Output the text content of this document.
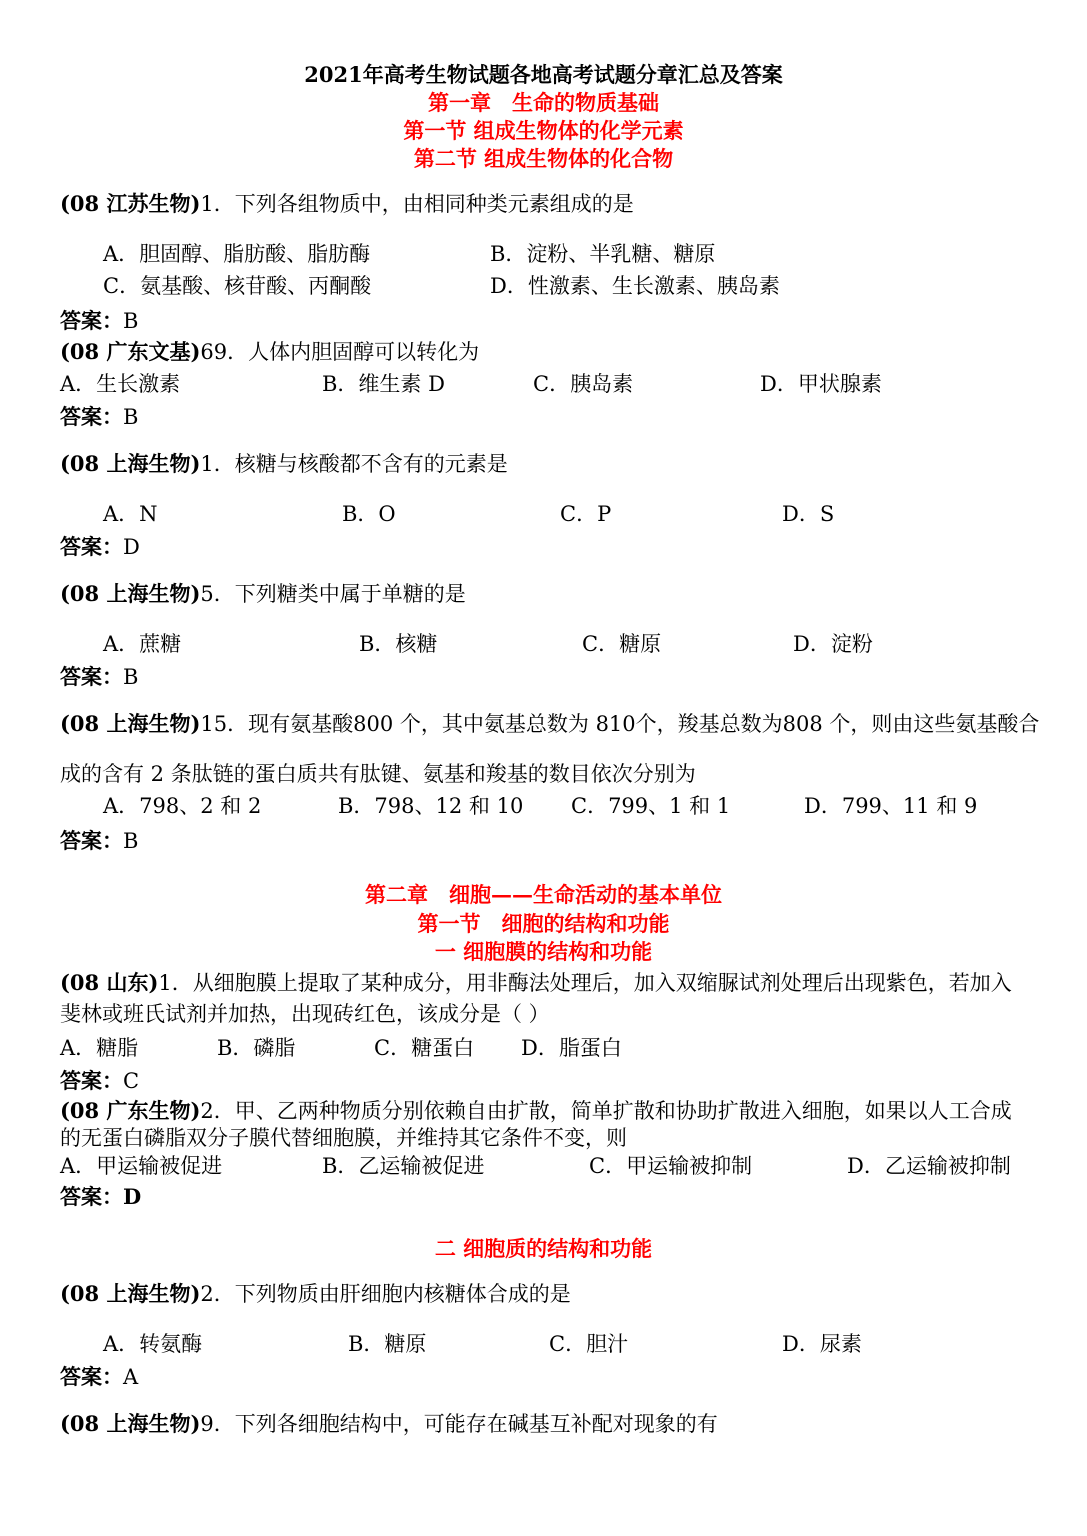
2021年高考生物试题各地高考试题分章汇总及答案
第一章　生命的物质基础
第一节 组成生物体的化学元素
第二节 组成生物体的化合物
(08 江苏生物)1．下列各组物质中，由相同种类元素组成的是
A．胆固醇、脂肪酸、脂肪酶	B．淀粉、半乳糖、糖原
C．氨基酸、核苷酸、丙酮酸	D．性激素、生长激素、胰岛素
答案：B
(08 广东文基)69．人体内胆固醇可以转化为
A．生长激素	B．维生素 D	C．胰岛素	D．甲状腺素
答案：B
(08 上海生物)1．核糖与核酸都不含有的元素是
A．N	B．O	C．P	D．S
答案：D
(08 上海生物)5．下列糖类中属于单糖的是
A．蔗糖	B．核糖	C．糖原	D．淀粉
答案：B
(08 上海生物)15．现有氨基酸800 个，其中氨基总数为 810个，羧基总数为808 个，则由这些氨基酸合
成的含有 2 条肽链的蛋白质共有肽键、氨基和羧基的数目依次分别为
A．798、2 和 2	B．798、12 和 10 C．799、1 和 1	D．799、11 和 9
答案：B
第二章　细胞——生命活动的基本单位
第一节　细胞的结构和功能
一 细胞膜的结构和功能
(08 山东)1．从细胞膜上提取了某种成分，用非酶法处理后，加入双缩脲试剂处理后出现紫色，若加入
斐林或班氏试剂并加热，出现砖红色，该成分是（ ）
A．糖脂	B．磷脂	C．糖蛋白 D．脂蛋白
答案：C
(08 广东生物)2．甲、乙两种物质分别依赖自由扩散，简单扩散和协助扩散进入细胞，如果以人工合成
的无蛋白磷脂双分子膜代替细胞膜，并维持其它条件不变，则
A．甲运输被促进	B．乙运输被促进	C．甲运输被抑制	D．乙运输被抑制
答案：D
二 细胞质的结构和功能
(08 上海生物)2．下列物质由肝细胞内核糖体合成的是
A．转氨酶	B．糖原	C．胆汁	D．尿素
答案：A
(08 上海生物)9．下列各细胞结构中，可能存在碱基互补配对现象的有
